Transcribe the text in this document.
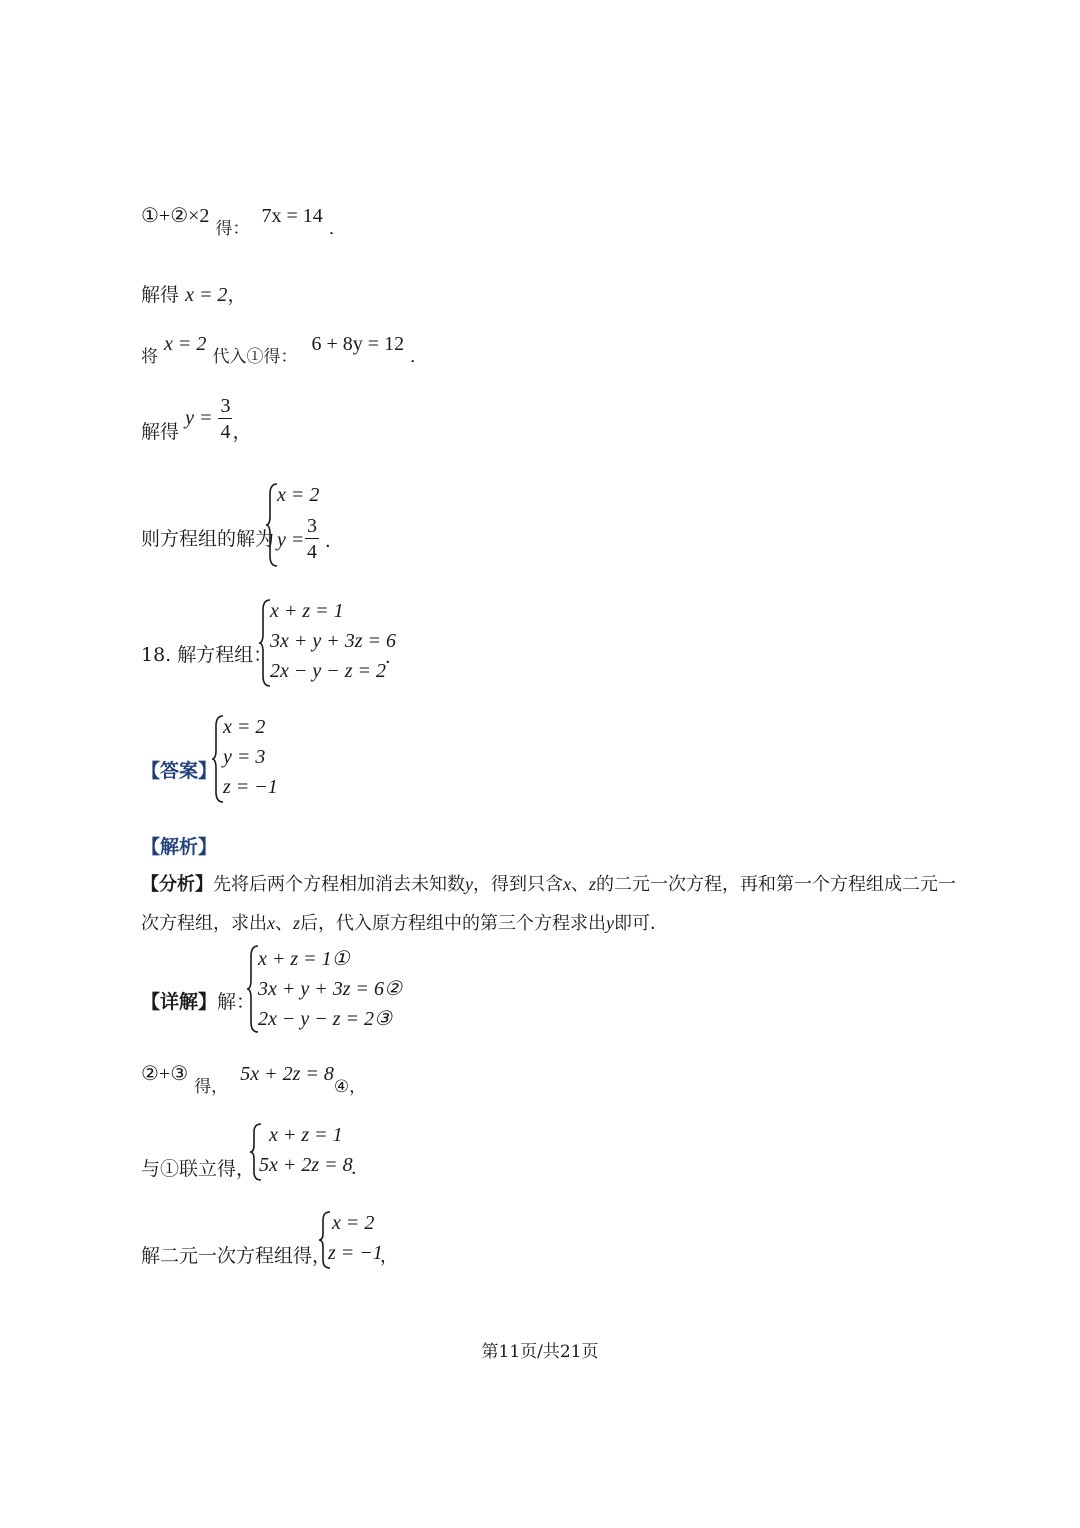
①+②×2 得： 7x = 14 ．
解得 x = 2，
将 x = 2 代入①得： 6 + 8y = 12 ．
解得 $y = \frac{3}{4}$ ，
则方程组的解为
x = 2
$y = \frac{3}{4}$ ．
18. 解方程组：
x + z = 1
3x + y + 3z = 6
2x − y − z = 2
．
【答案】
x = 2
y = 3
z = −1
【解析】
【分析】先将后两个方程相加消去未知数y，得到只含x、z的二元一次方程，再和第一个方程组成二元一
次方程组，求出x、z后，代入原方程组中的第三个方程求出y即可．
【详解】解：
x + z = 1①
3x + y + 3z = 6②
2x − y − z = 2③
②+③ 得， 5x + 2z = 8④，
与①联立得，
x + z = 1
5x + 2z = 8
．
解二元一次方程组得，
x = 2
z = −1
，
第11页/共21页
